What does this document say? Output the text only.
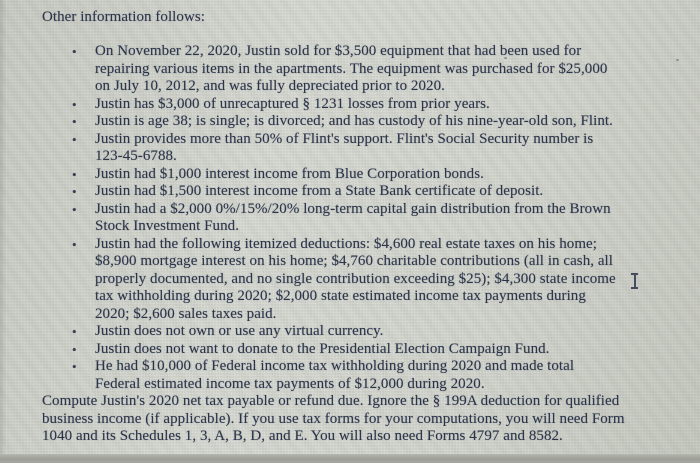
Other information follows:

• On November 22, 2020, Justin sold for $3,500 equipment that had been used for repairing various items in the apartments. The equipment was purchased for $25,000 on July 10, 2012, and was fully depreciated prior to 2020.
• Justin has $3,000 of unrecaptured § 1231 losses from prior years.
• Justin is age 38; is single; is divorced; and has custody of his nine-year-old son, Flint.
• Justin provides more than 50% of Flint's support. Flint's Social Security number is 123-45-6788.
• Justin had $1,000 interest income from Blue Corporation bonds.
• Justin had $1,500 interest income from a State Bank certificate of deposit.
• Justin had a $2,000 0%/15%/20% long-term capital gain distribution from the Brown Stock Investment Fund.
• Justin had the following itemized deductions: $4,600 real estate taxes on his home; $8,900 mortgage interest on his home; $4,760 charitable contributions (all in cash, all properly documented, and no single contribution exceeding $25); $4,300 state income tax withholding during 2020; $2,000 state estimated income tax payments during 2020; $2,600 sales taxes paid.
• Justin does not own or use any virtual currency.
• Justin does not want to donate to the Presidential Election Campaign Fund.
• He had $10,000 of Federal income tax withholding during 2020 and made total Federal estimated income tax payments of $12,000 during 2020.

Compute Justin's 2020 net tax payable or refund due. Ignore the § 199A deduction for qualified business income (if applicable). If you use tax forms for your computations, you will need Form 1040 and its Schedules 1, 3, A, B, D, and E. You will also need Forms 4797 and 8582.
